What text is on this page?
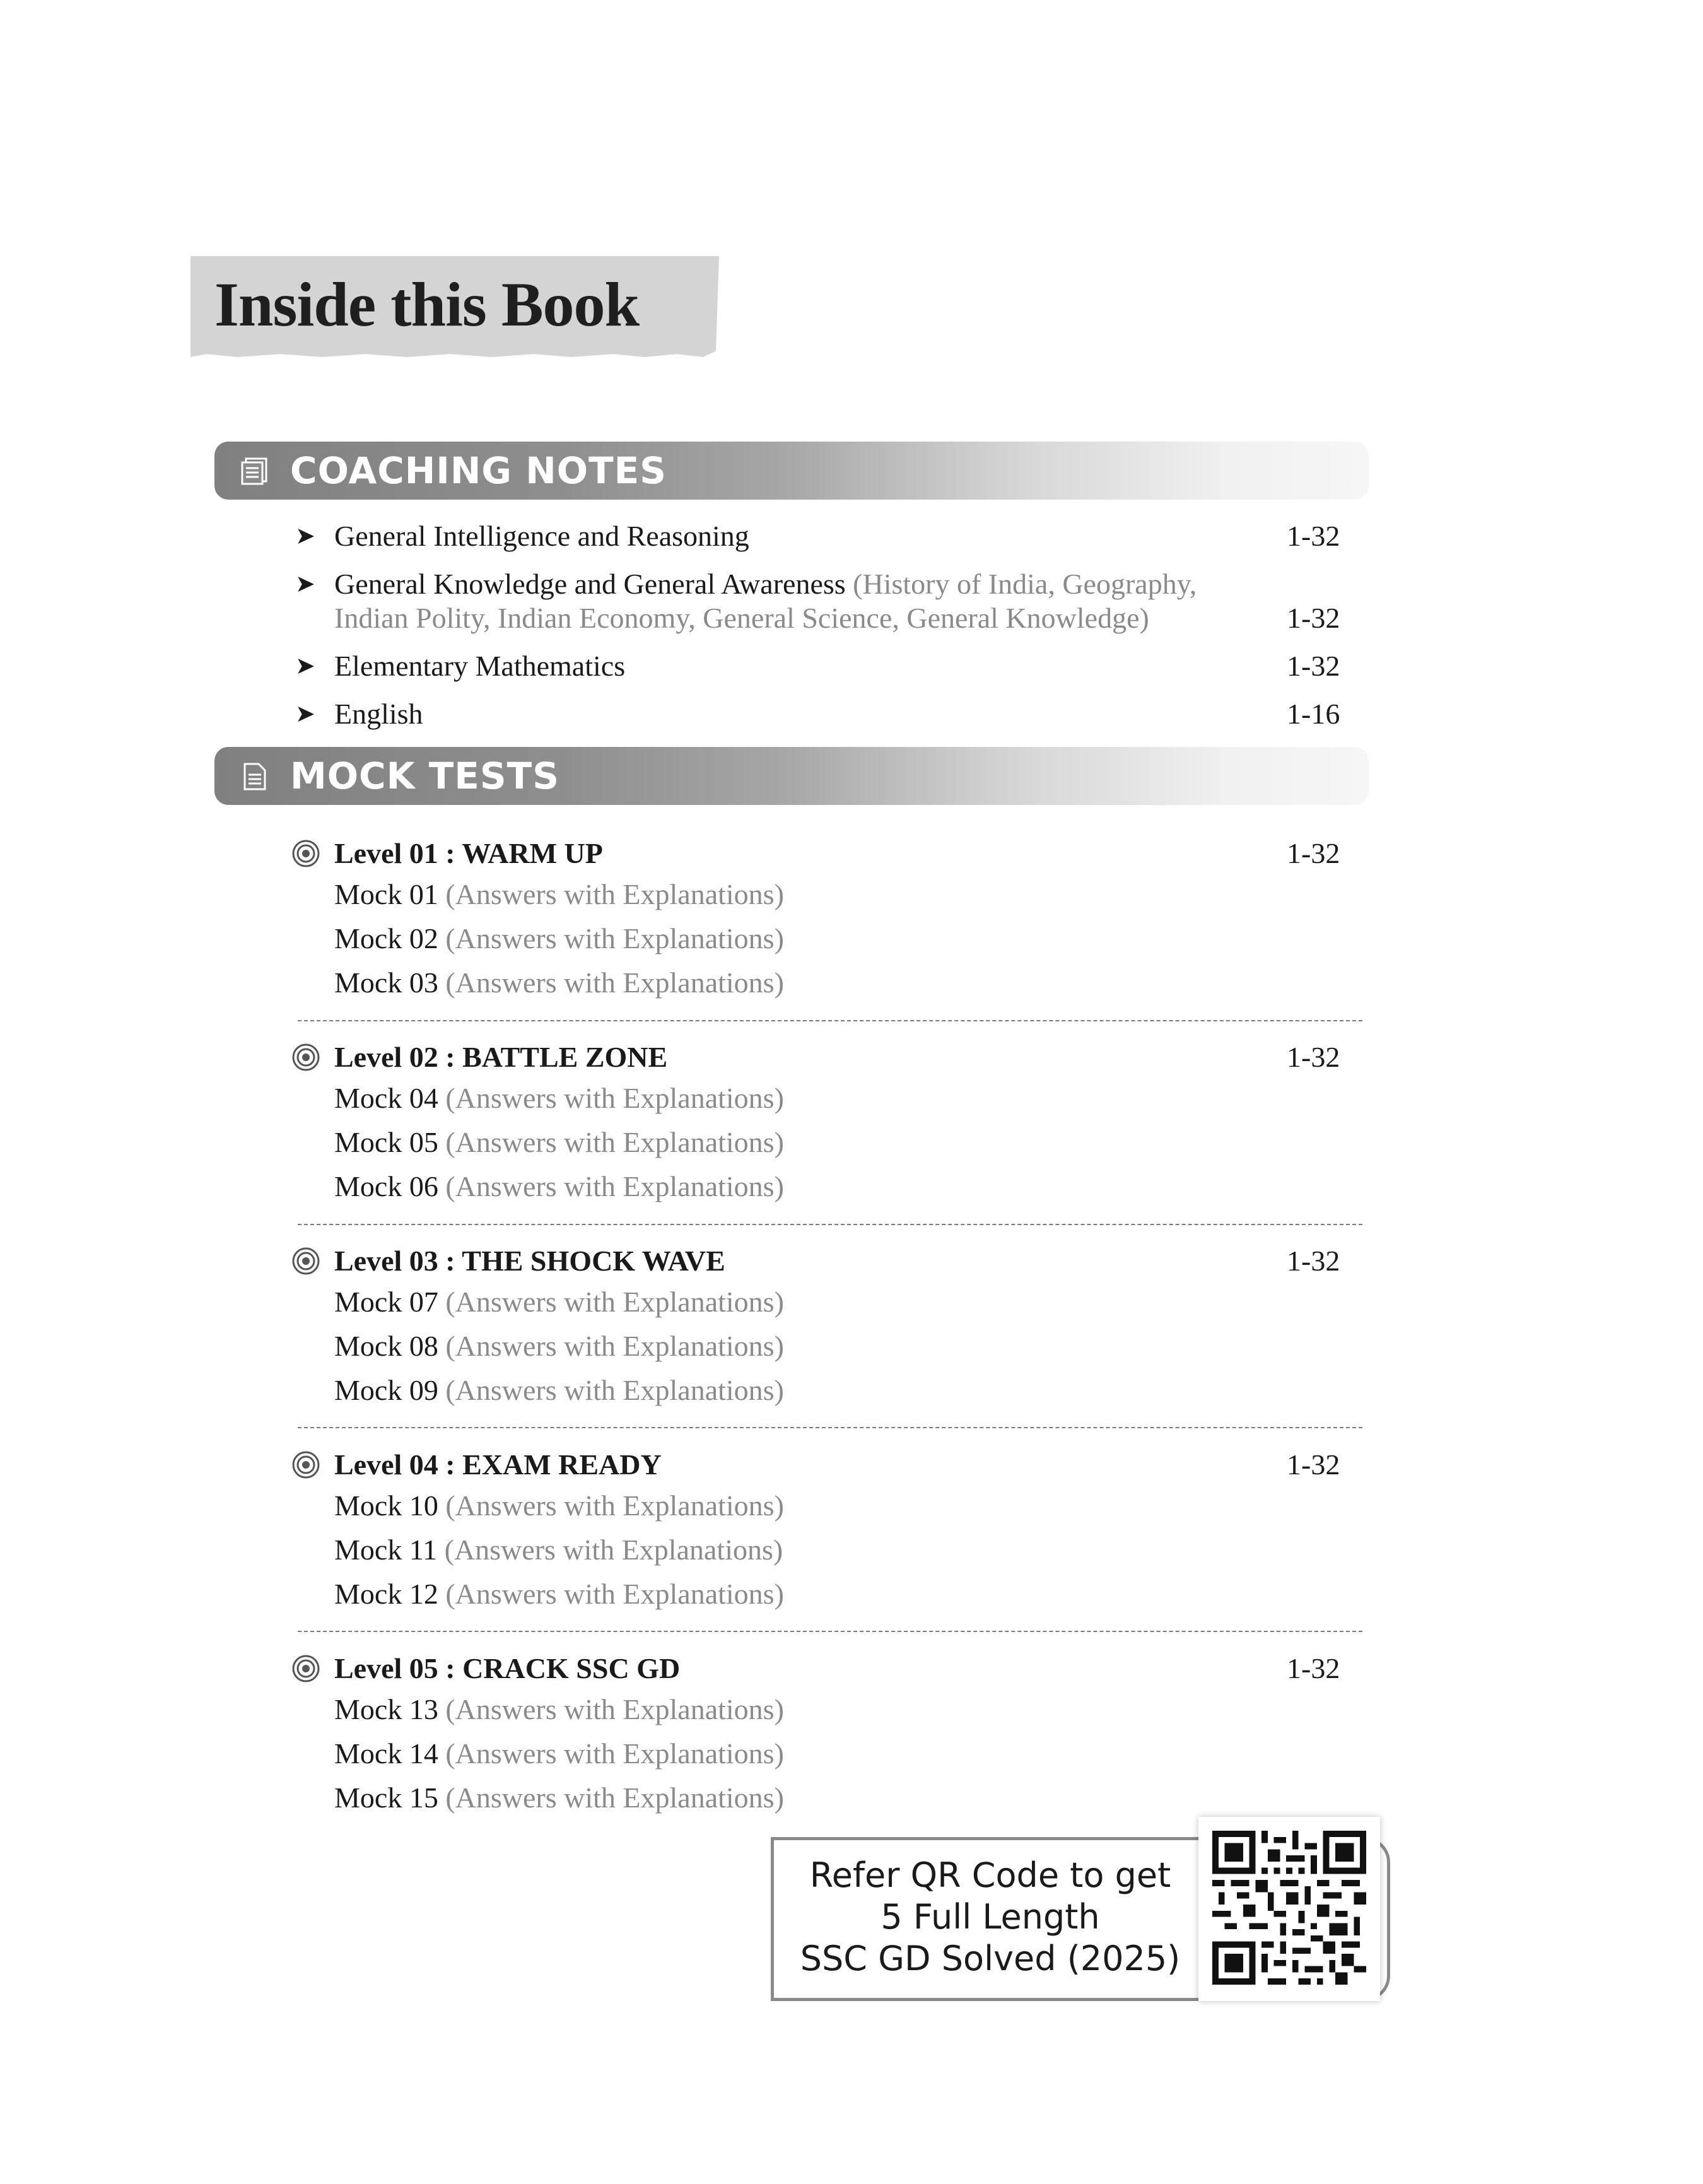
Inside this Book
COACHING NOTES
➤ General Intelligence and Reasoning	1-32
➤ General Knowledge and General Awareness (History of India, Geography,
Indian Polity, Indian Economy, General Science, General Knowledge)	1-32
➤ Elementary Mathematics	1-32
➤ English	1-16
MOCK TESTS
Level 01 : WARM UP	1-32
Mock 01 (Answers with Explanations)
Mock 02 (Answers with Explanations)
Mock 03 (Answers with Explanations)
Level 02 : BATTLE ZONE	1-32
Mock 04 (Answers with Explanations)
Mock 05 (Answers with Explanations)
Mock 06 (Answers with Explanations)
Level 03 : THE SHOCK WAVE	1-32
Mock 07 (Answers with Explanations)
Mock 08 (Answers with Explanations)
Mock 09 (Answers with Explanations)
Level 04 : EXAM READY	1-32
Mock 10 (Answers with Explanations)
Mock 11 (Answers with Explanations)
Mock 12 (Answers with Explanations)
Level 05 : CRACK SSC GD	1-32
Mock 13 (Answers with Explanations)
Mock 14 (Answers with Explanations)
Mock 15 (Answers with Explanations)
Refer QR Code to get
5 Full Length
SSC GD Solved (2025)
